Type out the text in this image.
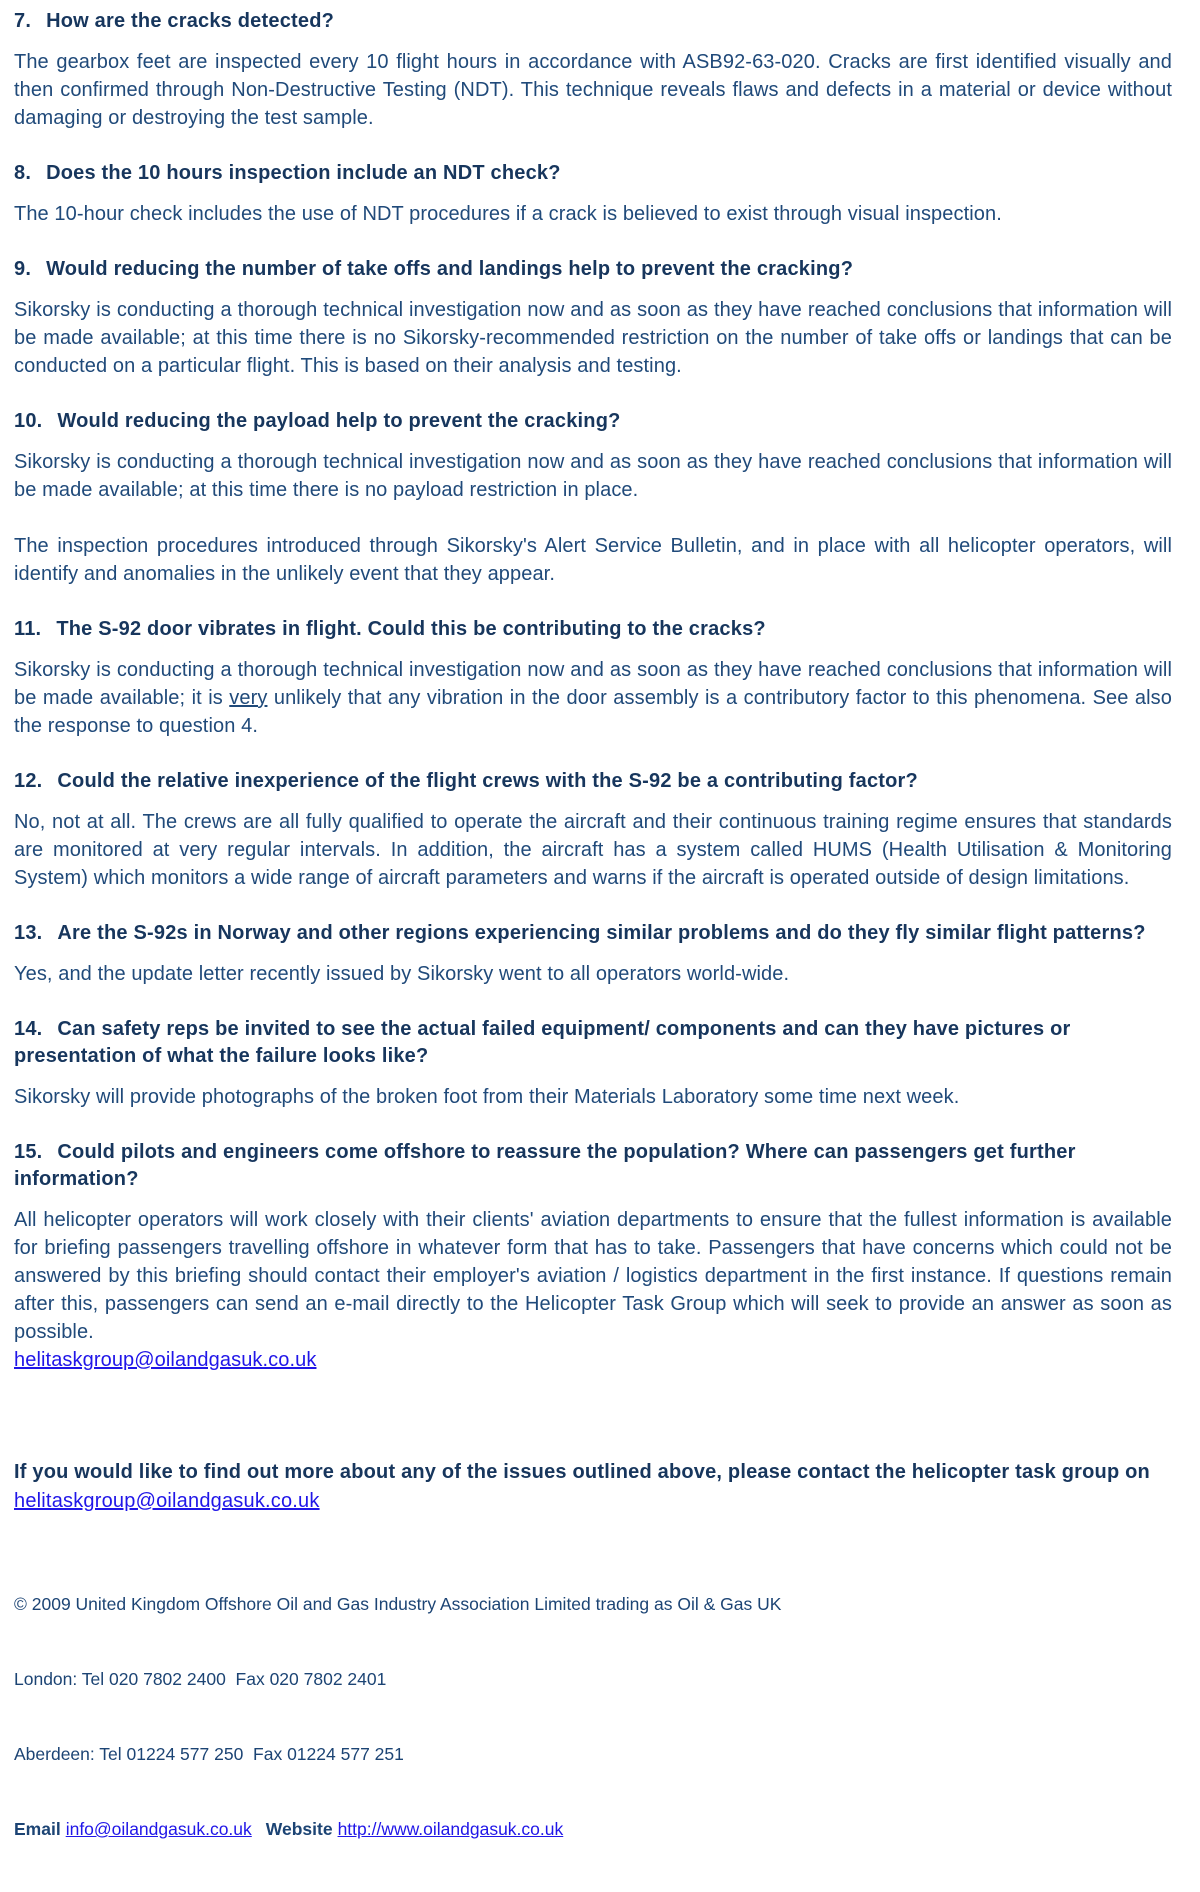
7. How are the cracks detected?

The gearbox feet are inspected every 10 flight hours in accordance with ASB92-63-020. Cracks are first identified visually and then confirmed through Non-Destructive Testing (NDT). This technique reveals flaws and defects in a material or device without damaging or destroying the test sample.

8. Does the 10 hours inspection include an NDT check?

The 10-hour check includes the use of NDT procedures if a crack is believed to exist through visual inspection.

9. Would reducing the number of take offs and landings help to prevent the cracking?

Sikorsky is conducting a thorough technical investigation now and as soon as they have reached conclusions that information will be made available; at this time there is no Sikorsky-recommended restriction on the number of take offs or landings that can be conducted on a particular flight. This is based on their analysis and testing.

10. Would reducing the payload help to prevent the cracking?

Sikorsky is conducting a thorough technical investigation now and as soon as they have reached conclusions that information will be made available; at this time there is no payload restriction in place.

The inspection procedures introduced through Sikorsky's Alert Service Bulletin, and in place with all helicopter operators, will identify and anomalies in the unlikely event that they appear.

11. The S-92 door vibrates in flight. Could this be contributing to the cracks?

Sikorsky is conducting a thorough technical investigation now and as soon as they have reached conclusions that information will be made available; it is very unlikely that any vibration in the door assembly is a contributory factor to this phenomena. See also the response to question 4.

12. Could the relative inexperience of the flight crews with the S-92 be a contributing factor?

No, not at all. The crews are all fully qualified to operate the aircraft and their continuous training regime ensures that standards are monitored at very regular intervals. In addition, the aircraft has a system called HUMS (Health Utilisation & Monitoring System) which monitors a wide range of aircraft parameters and warns if the aircraft is operated outside of design limitations.

13. Are the S-92s in Norway and other regions experiencing similar problems and do they fly similar flight patterns?

Yes, and the update letter recently issued by Sikorsky went to all operators world-wide.

14. Can safety reps be invited to see the actual failed equipment/ components and can they have pictures or presentation of what the failure looks like?

Sikorsky will provide photographs of the broken foot from their Materials Laboratory some time next week.

15. Could pilots and engineers come offshore to reassure the population? Where can passengers get further information?

All helicopter operators will work closely with their clients' aviation departments to ensure that the fullest information is available for briefing passengers travelling offshore in whatever form that has to take. Passengers that have concerns which could not be answered by this briefing should contact their employer's aviation / logistics department in the first instance. If questions remain after this, passengers can send an e-mail directly to the Helicopter Task Group which will seek to provide an answer as soon as possible.
helitaskgroup@oilandgasuk.co.uk

If you would like to find out more about any of the issues outlined above, please contact the helicopter task group on helitaskgroup@oilandgasuk.co.uk

© 2009 United Kingdom Offshore Oil and Gas Industry Association Limited trading as Oil & Gas UK

London: Tel 020 7802 2400  Fax 020 7802 2401

Aberdeen: Tel 01224 577 250  Fax 01224 577 251

Email info@oilandgasuk.co.uk Website http://www.oilandgasuk.co.uk
